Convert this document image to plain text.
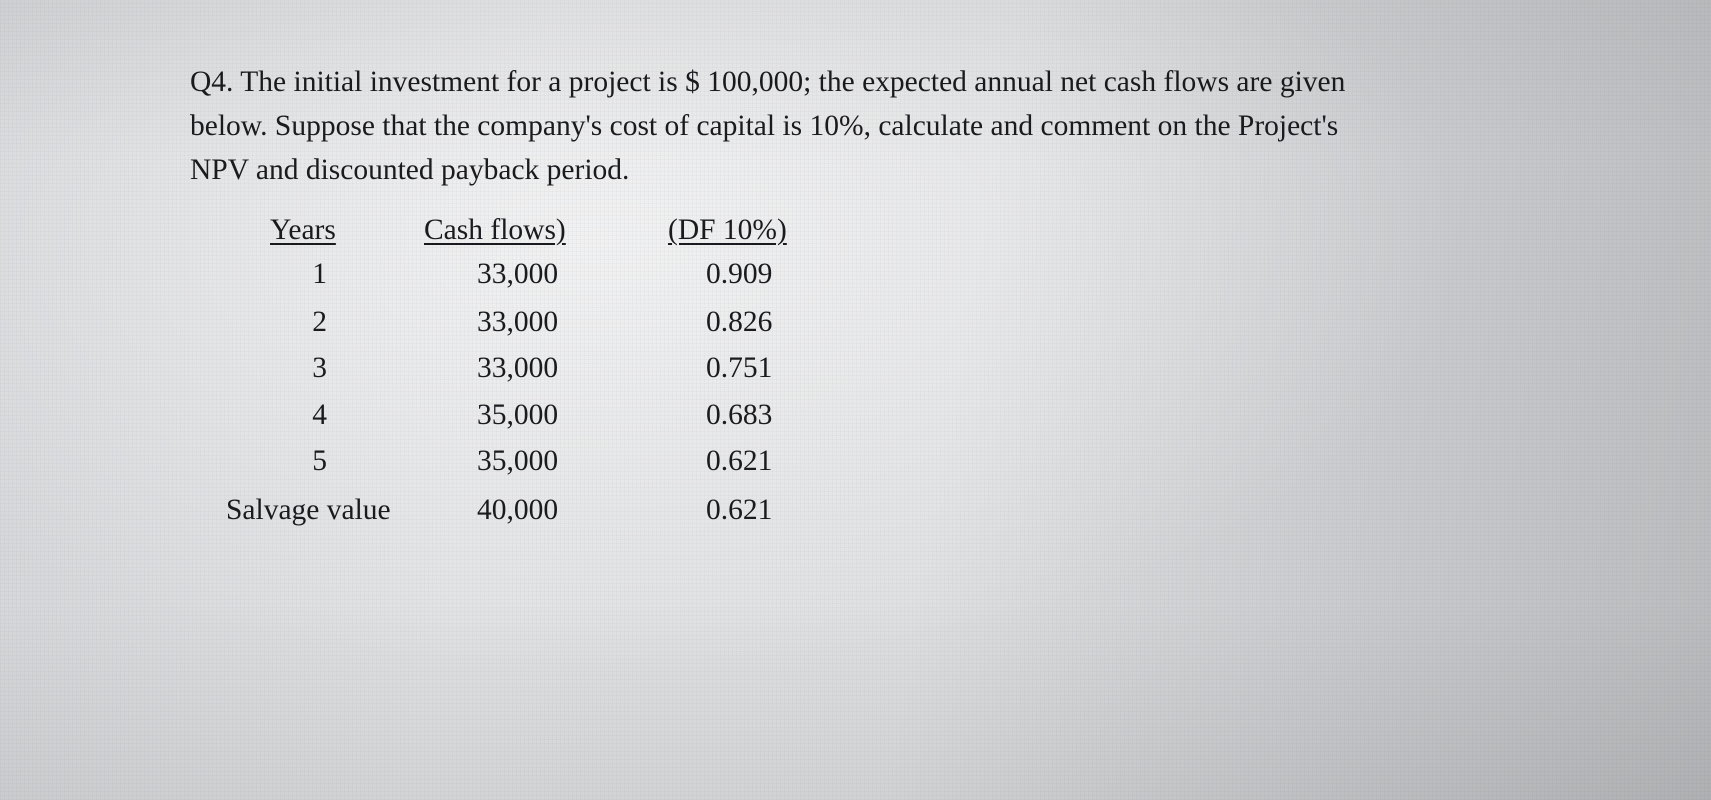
Q4. The initial investment for a project is $ 100,000; the expected annual net cash flows are given
below. Suppose that the company's cost of capital is 10%, calculate and comment on the Project's
NPV and discounted payback period.
Years	Cash flows)	(DF 10%)
1	33,000	0.909
2	33,000	0.826
3	33,000	0.751
4	35,000	0.683
5	35,000	0.621
Salvage value	40,000	0.621
